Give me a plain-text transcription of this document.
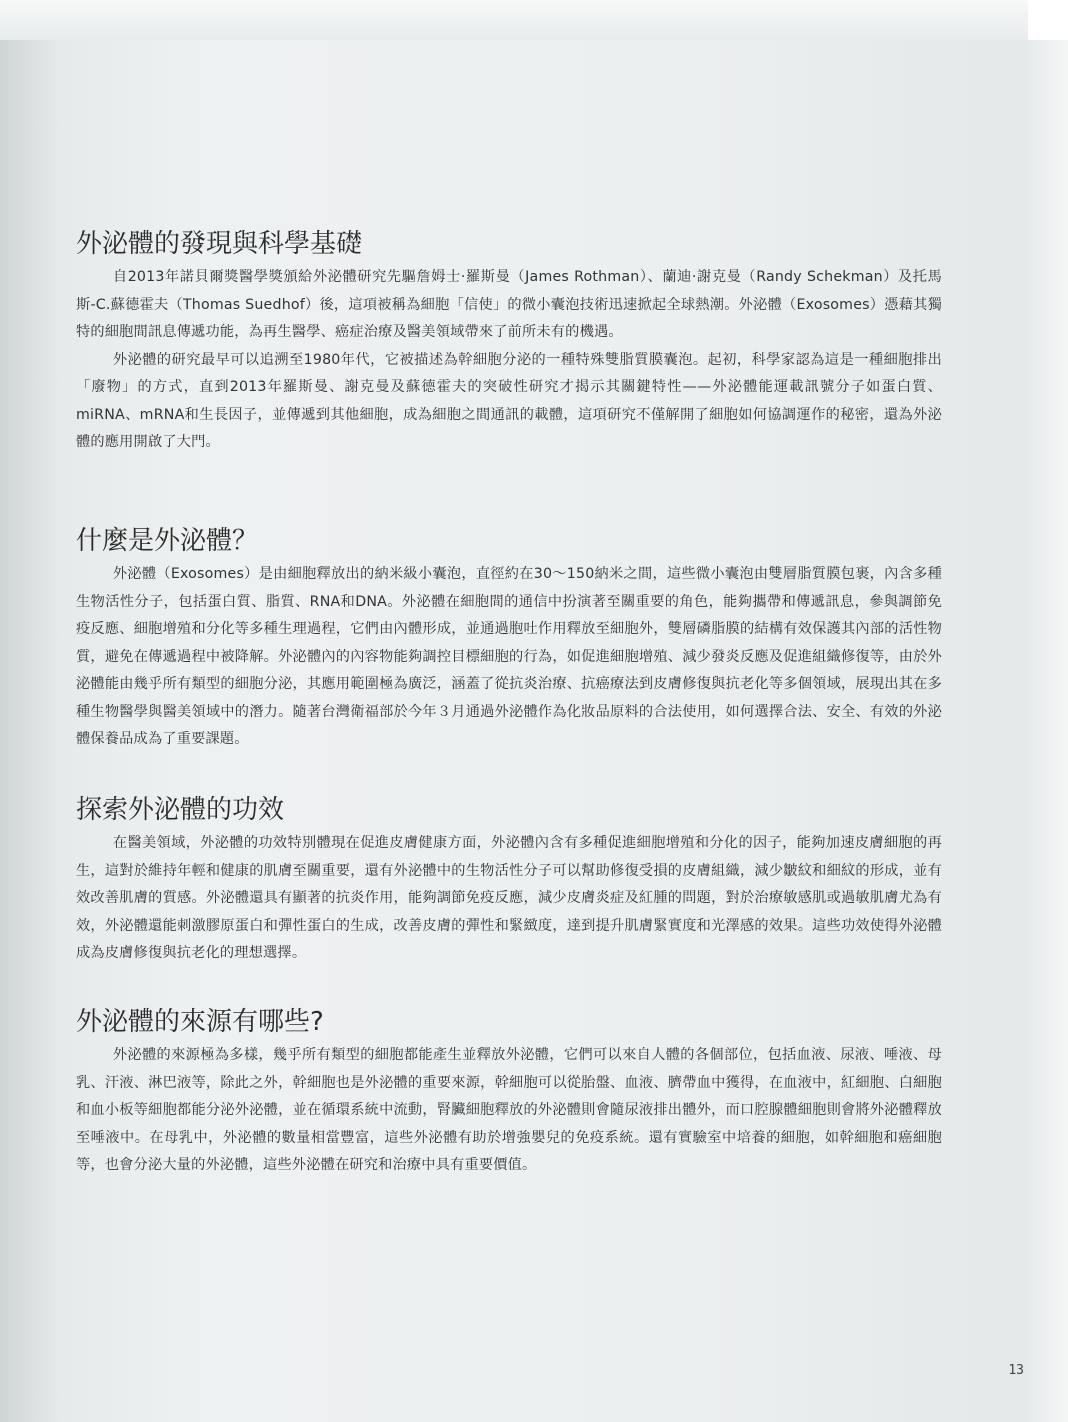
外泌體的發現與科學基礎

自2013年諾貝爾獎醫學獎頒給外泌體研究先驅詹姆士·羅斯曼（James Rothman）、蘭迪·謝克曼（Randy Schekman）及托馬斯-C.蘇德霍夫（Thomas Suedhof）後，這項被稱為細胞「信使」的微小囊泡技術迅速掀起全球熱潮。外泌體（Exosomes）憑藉其獨特的細胞間訊息傳遞功能，為再生醫學、癌症治療及醫美領域帶來了前所未有的機遇。

外泌體的研究最早可以追溯至1980年代，它被描述為幹細胞分泌的一種特殊雙脂質膜囊泡。起初，科學家認為這是一種細胞排出「廢物」的方式，直到2013年羅斯曼、謝克曼及蘇德霍夫的突破性研究才揭示其關鍵特性——外泌體能運載訊號分子如蛋白質、miRNA、mRNA和生長因子，並傳遞到其他細胞，成為細胞之間通訊的載體，這項研究不僅解開了細胞如何協調運作的秘密，還為外泌體的應用開啟了大門。

什麼是外泌體？

外泌體（Exosomes）是由細胞釋放出的納米級小囊泡，直徑約在30～150納米之間，這些微小囊泡由雙層脂質膜包裹，內含多種生物活性分子，包括蛋白質、脂質、RNA和DNA。外泌體在細胞間的通信中扮演著至關重要的角色，能夠攜帶和傳遞訊息，參與調節免疫反應、細胞增殖和分化等多種生理過程，它們由內體形成，並通過胞吐作用釋放至細胞外，雙層磷脂膜的結構有效保護其內部的活性物質，避免在傳遞過程中被降解。外泌體內的內容物能夠調控目標細胞的行為，如促進細胞增殖、減少發炎反應及促進組織修復等，由於外泌體能由幾乎所有類型的細胞分泌，其應用範圍極為廣泛，涵蓋了從抗炎治療、抗癌療法到皮膚修復與抗老化等多個領域，展現出其在多種生物醫學與醫美領域中的潛力。隨著台灣衛福部於今年３月通過外泌體作為化妝品原料的合法使用，如何選擇合法、安全、有效的外泌體保養品成為了重要課題。

探索外泌體的功效

在醫美領域，外泌體的功效特別體現在促進皮膚健康方面，外泌體內含有多種促進細胞增殖和分化的因子，能夠加速皮膚細胞的再生，這對於維持年輕和健康的肌膚至關重要，還有外泌體中的生物活性分子可以幫助修復受損的皮膚組織，減少皺紋和細紋的形成，並有效改善肌膚的質感。外泌體還具有顯著的抗炎作用，能夠調節免疫反應，減少皮膚炎症及紅腫的問題，對於治療敏感肌或過敏肌膚尤為有效，外泌體還能刺激膠原蛋白和彈性蛋白的生成，改善皮膚的彈性和緊緻度，達到提升肌膚緊實度和光澤感的效果。這些功效使得外泌體成為皮膚修復與抗老化的理想選擇。

外泌體的來源有哪些?

外泌體的來源極為多樣，幾乎所有類型的細胞都能產生並釋放外泌體，它們可以來自人體的各個部位，包括血液、尿液、唾液、母乳、汗液、淋巴液等，除此之外，幹細胞也是外泌體的重要來源，幹細胞可以從胎盤、血液、臍帶血中獲得，在血液中，紅細胞、白細胞和血小板等細胞都能分泌外泌體，並在循環系統中流動，腎臟細胞釋放的外泌體則會隨尿液排出體外，而口腔腺體細胞則會將外泌體釋放至唾液中。在母乳中，外泌體的數量相當豐富，這些外泌體有助於增強嬰兒的免疫系統。還有實驗室中培養的細胞，如幹細胞和癌細胞等，也會分泌大量的外泌體，這些外泌體在研究和治療中具有重要價值。

13
